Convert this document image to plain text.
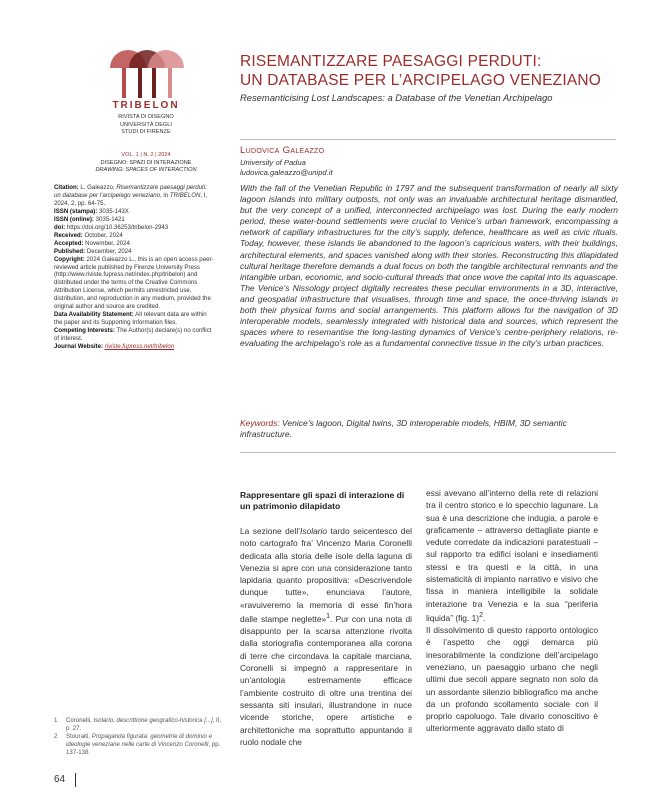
TRIBELON
RIVISTA DI DISEGNO
UNIVERSITÀ DEGLI
STUDI DI FIRENZE
VOL. 1 | N. 2 | 2024
DISEGNO: SPAZI DI INTERAZIONE
DRAWING: SPACES OF INTERACTION
RISEMANTIZZARE PAESAGGI PERDUTI:
UN DATABASE PER L’ARCIPELAGO VENEZIANO
Resemanticising Lost Landscapes: a Database of the Venetian Archipelago
Ludovica Galeazzo
University of Padua
ludovica.galeazzo@unipd.it

Citation: L. Galeazzo, Risemantizzare paesaggi perduti: un database per l’arcipelago veneziano, in TRIBELON, I, 2024, 2, pp. 64-75.

ISSN (stampa): 3035-143X

ISSN (online): 3035-1421

doi: https://doi.org/10.36253/tribelon-2943

Received: October, 2024

Accepted: November, 2024

Published: December, 2024

Copyright: 2024 Galeazzo L., this is an open access peer-reviewed article published by Firenze University Press (http://www.riviste.fupress.net/index.php/tribelon) and distributed under the terms of the Creative Commons Attribution License, which permits unrestricted use, distribution, and reproduction in any medium, provided the original author and source are credited.

Data Availability Statement: All relevant data are within the paper and its Supporting Information files.

Competing Interests: The Author(s) declare(s) no conflict of interest.

Journal Website: riviste.fupress.net/tribelon

With the fall of the Venetian Republic in 1797 and the subsequent transformation of nearly all sixty lagoon islands into military outposts, not only was an invaluable architectural heritage dismantled, but the very concept of a unified, interconnected archipelago was lost. During the early modern period, these water-bound settlements were crucial to Venice’s urban framework, encompassing a network of capillary infrastructures for the city’s supply, defence, healthcare as well as civic rituals. Today, however, these islands lie abandoned to the lagoon’s capricious waters, with their buildings, architectural elements, and spaces vanished along with their stories. Reconstructing this dilapidated cultural heritage therefore demands a dual focus on both the tangible architectural remnants and the intangible urban, economic, and socio-cultural threads that once wove the capital into its aquascape. The Venice’s Nissology project digitally recreates these peculiar environments in a 3D, interactive, and geospatial infrastructure that visualises, through time and space, the once-thriving islands in both their physical forms and social arrangements. This platform allows for the navigation of 3D interoperable models, seamlessly integrated with historical data and sources, which represent the spaces where to resemantise the long-lasting dynamics of Venice’s centre-periphery relations, re-evaluating the archipelago’s role as a fundamental connective tissue in the city’s urban practices.

Keywords: Venice’s lagoon, Digital twins, 3D interoperable models, HBIM, 3D semantic infrastructure.

Rappresentare gli spazi di interazione di un patrimonio dilapidato

La sezione dell’Isolario tardo seicentesco del noto cartografo fra’ Vincenzo Maria Coronelli dedicata alla storia delle isole della laguna di Venezia si apre con una considerazione tanto lapidaria quanto propositiva: «Descrivendole dunque tutte», enunciava l’autore, «ravuiveremo la memoria di esse fin’hora dalle stampe neglette»$^1$. Pur con una nota di disappunto per la scarsa attenzione rivolta dalla storiografia contemporanea alla corona di terre che circondava la capitale marciana, Coronelli si impegnò a rappresentare in un’antologia estremamente efficace l’ambiente costruito di oltre una trentina dei sessanta siti insulari, illustrandone in nuce vicende storiche, opere artistiche e architettoniche ma soprattutto appuntando il ruolo nodale che

essi avevano all’interno della rete di relazioni tra il centro storico e lo specchio lagunare. La sua è una descrizione che indugia, a parole e graficamente – attraverso dettagliate piante e vedute corredate da indicazioni paratestuali – sul rapporto tra edifici isolani e insediamenti stessi e tra questi e la città, in una sistematicità di impianto narrativo e visivo che fissa in maniera intelligibile la solidale interazione tra Venezia e la sua “periferia liquida” (fig. 1)$^2$.
Il dissolvimento di questo rapporto ontologico è l’aspetto che oggi demarca più inesorabilmente la condizione dell’arcipelago veneziano, un paesaggio urbano che negli ultimi due secoli appare segnato non solo da un assordante silenzio bibliografico ma anche da un profondo scollamento sociale con il proprio capoluogo. Tale divario conoscitivo è ulteriormente aggravato dallo stato di

1 Coronelli, Isolario, descrittione geografico-historica [...], II, p. 27.
2 Stouraiti, Propaganda figurata: geometrie di dominio e ideologie veneziane nelle carte di Vincenzo Coronelli, pp. 137-138.
64
